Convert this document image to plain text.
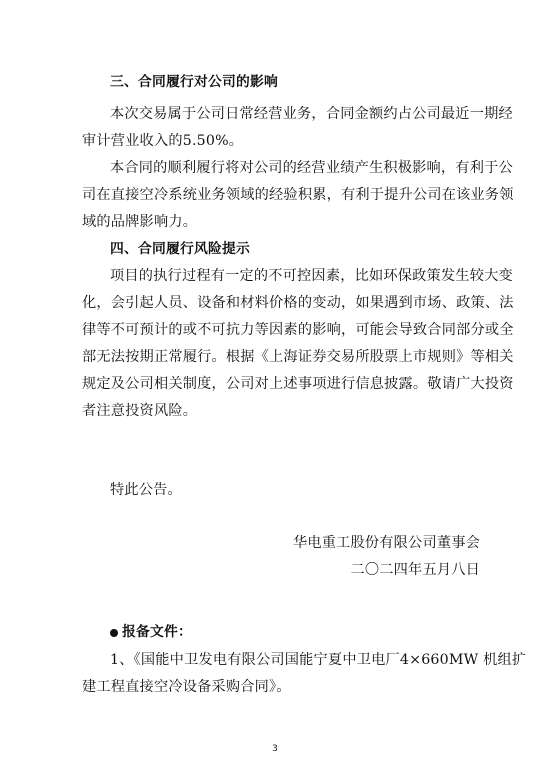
三、合同履行对公司的影响
本次交易属于公司日常经营业务，合同金额约占公司最近一期经
审计营业收入的5.50%。
本合同的顺利履行将对公司的经营业绩产生积极影响，有利于公
司在直接空冷系统业务领域的经验积累，有利于提升公司在该业务领
域的品牌影响力。
四、合同履行风险提示
项目的执行过程有一定的不可控因素，比如环保政策发生较大变
化，会引起人员、设备和材料价格的变动，如果遇到市场、政策、法
律等不可预计的或不可抗力等因素的影响，可能会导致合同部分或全
部无法按期正常履行。根据《上海证券交易所股票上市规则》等相关
规定及公司相关制度，公司对上述事项进行信息披露。敬请广大投资
者注意投资风险。
特此公告。
华电重工股份有限公司董事会
二〇二四年五月八日
报备文件：
1、《国能中卫发电有限公司国能宁夏中卫电厂4×660MW 机组扩
建工程直接空冷设备采购合同》。
3
